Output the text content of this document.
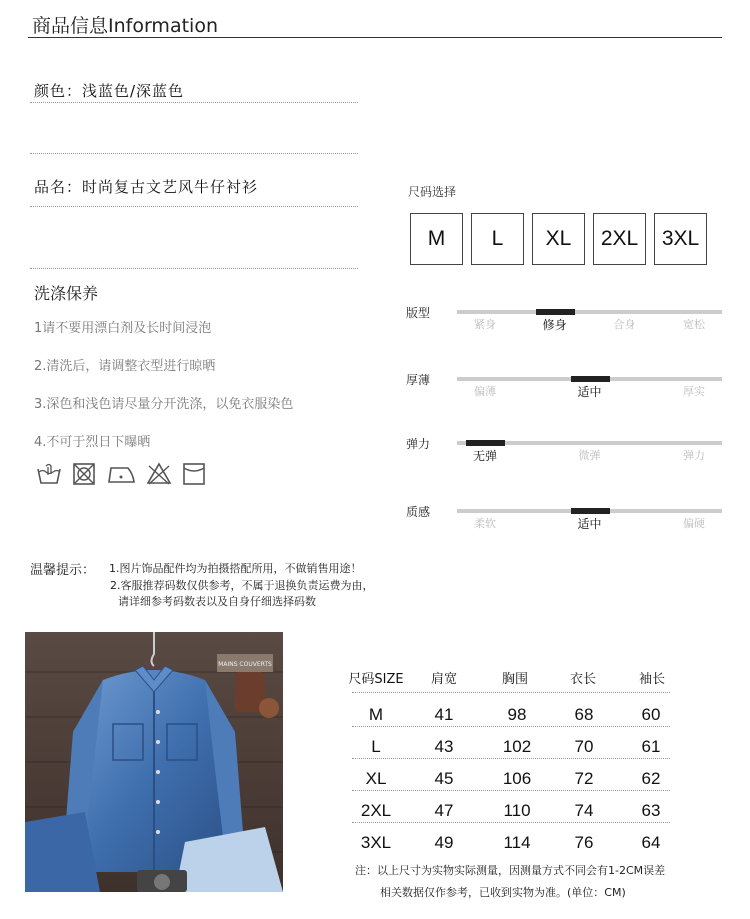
商品信息Information
颜色：浅蓝色/深蓝色
品名：时尚复古文艺风牛仔衬衫
洗涤保养
1请不要用漂白剂及长时间浸泡
2.清洗后，请调整衣型进行晾晒
3.深色和浅色请尽量分开洗涤，以免衣服染色
4.不可于烈日下曝晒
尺码选择
M	L	XL	2XL	3XL
版型
紧身	修身	合身	宽松
厚薄
偏薄	适中	厚实
弹力
无弹	微弹	弹力
质感
柔软	适中	偏硬
温馨提示： 1.图片饰品配件均为拍摄搭配所用，不做销售用途！
2.客服推荐码数仅供参考，不属于退换负责运费为由，
请详细参考码数表以及自身仔细选择码数
MAINS COUVERTS
尺码SIZE 肩宽	胸围	衣长	袖长
M	41	98	68	60
L	43	102	70	61
XL	45	106	72	62
2XL	47	110	74	63
3XL	49	114	76	64
注：以上尺寸为实物实际测量，因测量方式不同会有1-2CM误差
相关数据仅作参考，已收到实物为准。(单位：CM)
